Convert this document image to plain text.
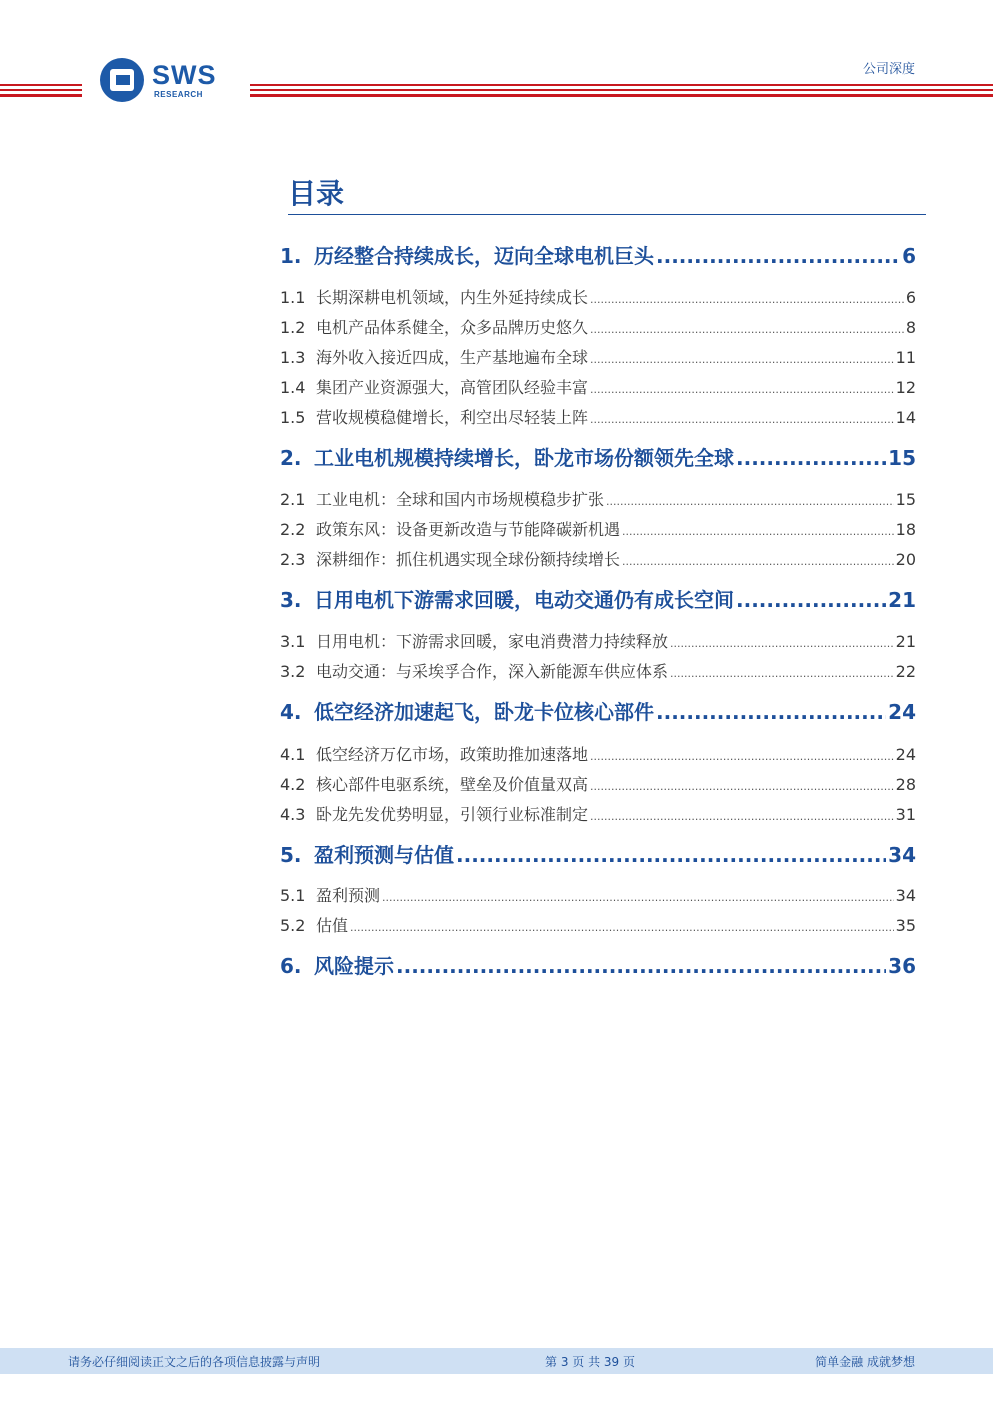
SWS
RESEARCH
公司深度
目录
1. 历经整合持续成长，迈向全球电机巨头 .....	6
1.1 长期深耕电机领域，内生外延持续成长 .....	6
1.2 电机产品体系健全，众多品牌历史悠久 .....	8
1.3 海外收入接近四成，生产基地遍布全球 .....	11
1.4 集团产业资源强大，高管团队经验丰富 .....	12
1.5 营收规模稳健增长，利空出尽轻装上阵 .....	14
2. 工业电机规模持续增长，卧龙市场份额领先全球 .....	15
2.1 工业电机：全球和国内市场规模稳步扩张 .....	15
2.2 政策东风：设备更新改造与节能降碳新机遇 .....	18
2.3 深耕细作：抓住机遇实现全球份额持续增长 .....	20
3. 日用电机下游需求回暖，电动交通仍有成长空间 .....	21
3.1 日用电机：下游需求回暖，家电消费潜力持续释放 .....	21
3.2 电动交通：与采埃孚合作，深入新能源车供应体系 .....	22
4. 低空经济加速起飞，卧龙卡位核心部件 .....	24
4.1 低空经济万亿市场，政策助推加速落地 .....	24
4.2 核心部件电驱系统，壁垒及价值量双高 .....	28
4.3 卧龙先发优势明显，引领行业标准制定 .....	31
5. 盈利预测与估值 .....	34
5.1 盈利预测 .....	34
5.2 估值 .....	35
6. 风险提示 .....	36
请务必仔细阅读正文之后的各项信息披露与声明	第 3 页 共 39 页	简单金融 成就梦想
